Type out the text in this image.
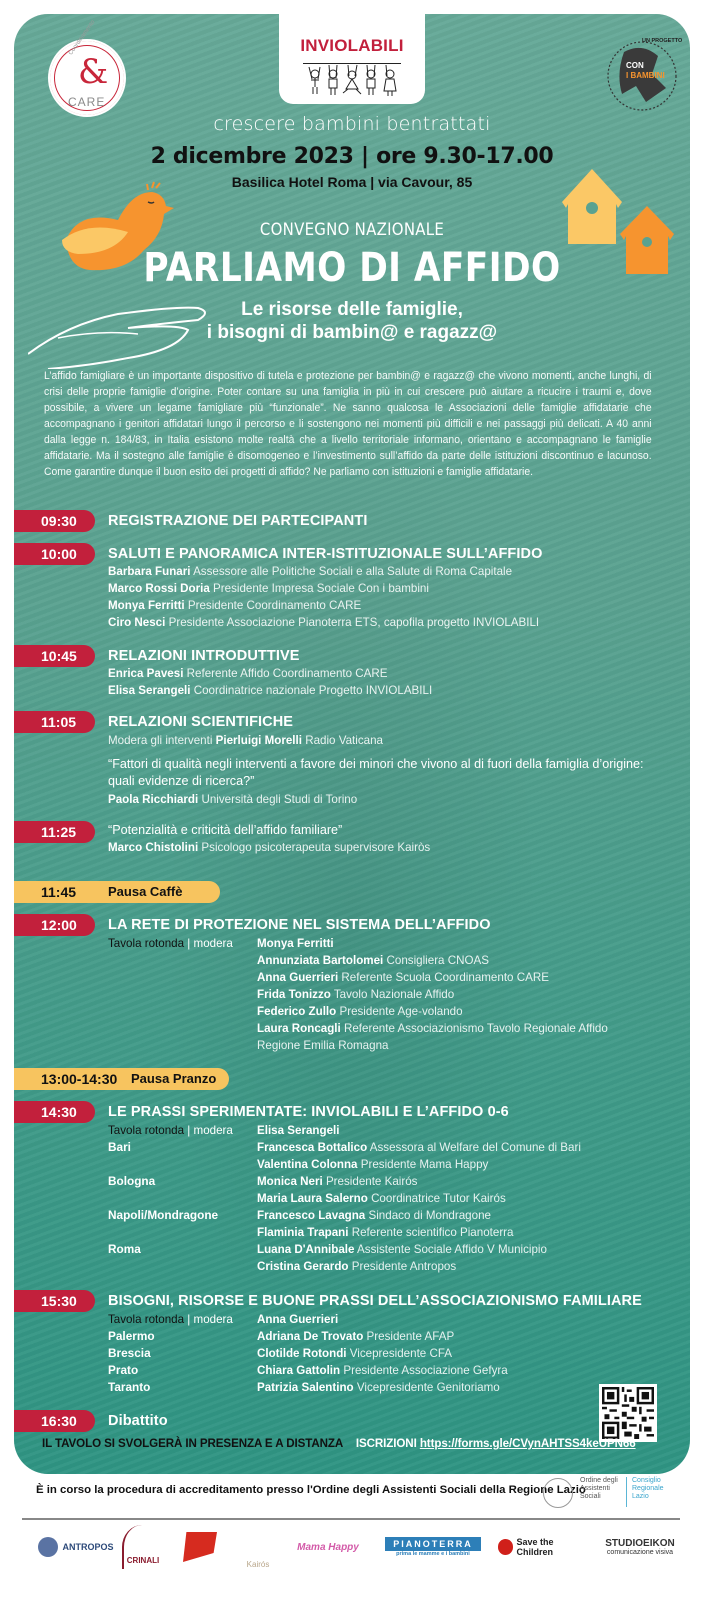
Coordinamento
&
CARE
INVIOLABILI
CON
I BAMBINI
UN PROGETTO
crescere bambini bentrattati
2 dicembre 2023 | ore 9.30-17.00
Basilica Hotel Roma | via Cavour, 85
CONVEGNO NAZIONALE
PARLIAMO DI AFFIDO
Le risorse delle famiglie,
i bisogni di bambin@ e ragazz@

L’affido famigliare è un importante dispositivo di tutela e protezione per bambin@ e ragazz@ che vivono momenti, anche lunghi, di crisi delle proprie famiglie d’origine. Poter contare su una famiglia in più in cui crescere può aiutare a ricucire i traumi e, dove possibile, a vivere un legame famigliare più “funzionale”. Ne sanno qualcosa le Associazioni delle famiglie affidatarie che accompagnano i genitori affidatari lungo il percorso e li sostengono nei momenti più difficili e nei passaggi più delicati. A 40 anni dalla legge n. 184/83, in Italia esistono molte realtà che a livello territoriale informano, orientano e accompagnano le famiglie affidatarie. Ma il sostegno alle famiglie è disomogeneo e l’investimento sull’affido da parte delle istituzioni discontinuo e lacunoso. Come garantire dunque il buon esito dei progetti di affido? Ne parliamo con istituzioni e famiglie affidatarie.

09:30	REGISTRAZIONE DEI PARTECIPANTI
10:00	SALUTI E PANORAMICA INTER-ISTITUZIONALE SULL’AFFIDO
Barbara Funari Assessore alle Politiche Sociali e alla Salute di Roma Capitale
Marco Rossi Doria Presidente Impresa Sociale Con i bambini
Monya Ferritti Presidente Coordinamento CARE
Ciro Nesci Presidente Associazione Pianoterra ETS, capofila progetto INVIOLABILI
10:45	RELAZIONI INTRODUTTIVE
Enrica Pavesi Referente Affido Coordinamento CARE
Elisa Serangeli Coordinatrice nazionale Progetto INVIOLABILI
11:05	RELAZIONI SCIENTIFICHE
Modera gli interventi Pierluigi Morelli Radio Vaticana
“Fattori di qualità negli interventi a favore dei minori che vivono al di fuori della famiglia d’origine: quali evidenze di ricerca?”
Paola Ricchiardi Università degli Studi di Torino
11:25	“Potenzialità e criticità dell’affido familiare”
Marco Chistolini Psicologo psicoterapeuta supervisore Kairòs
11:45	Pausa Caffè
12:00	LA RETE DI PROTEZIONE NEL SISTEMA DELL’AFFIDO
Tavola rotonda | modera Monya Ferritti
Annunziata Bartolomei Consigliera CNOAS
Anna Guerrieri Referente Scuola Coordinamento CARE
Frida Tonizzo Tavolo Nazionale Affido
Federico Zullo Presidente Age-volando
Laura Roncagli Referente Associazionismo Tavolo Regionale Affido
Regione Emilia Romagna
13:00-14:30	Pausa Pranzo
14:30	LE PRASSI SPERIMENTATE: INVIOLABILI E L’AFFIDO 0-6
Tavola rotonda | modera Elisa Serangeli
Bari	Francesca Bottalico Assessora al Welfare del Comune di Bari
Valentina Colonna Presidente Mama Happy
Bologna	Monica Neri Presidente Kairós
Maria Laura Salerno Coordinatrice Tutor Kairós
Napoli/Mondragone	Francesco Lavagna Sindaco di Mondragone
Flaminia Trapani Referente scientifico Pianoterra
Roma	Luana D'Annibale Assistente Sociale Affido V Municipio
Cristina Gerardo Presidente Antropos
15:30	BISOGNI, RISORSE E BUONE PRASSI DELL’ASSOCIAZIONISMO FAMILIARE
Tavola rotonda | modera Anna Guerrieri
Palermo	Adriana De Trovato Presidente AFAP
Brescia	Clotilde Rotondi Vicepresidente CFA
Prato	Chiara Gattolin Presidente Associazione Gefyra
Taranto	Patrizia Salentino Vicepresidente Genitoriamo
16:30	Dibattito
IL TAVOLO SI SVOLGERÀ IN PRESENZA E A DISTANZA ISCRIZIONI https://forms.gle/CVynAHTSS4keUPN66
È in corso la procedura di accreditamento presso l'Ordine degli Assistenti Sociali della Regione Lazio
Ordine degli
Assistenti
Sociali
Consiglio
Regionale
Lazio
ANTROPOS
CRINALI	Kairós
Mama Happy	PIANOTERRA
prima le mamme e i bambini
Save the Children
STUDIOEIKON
comunicazione visiva
